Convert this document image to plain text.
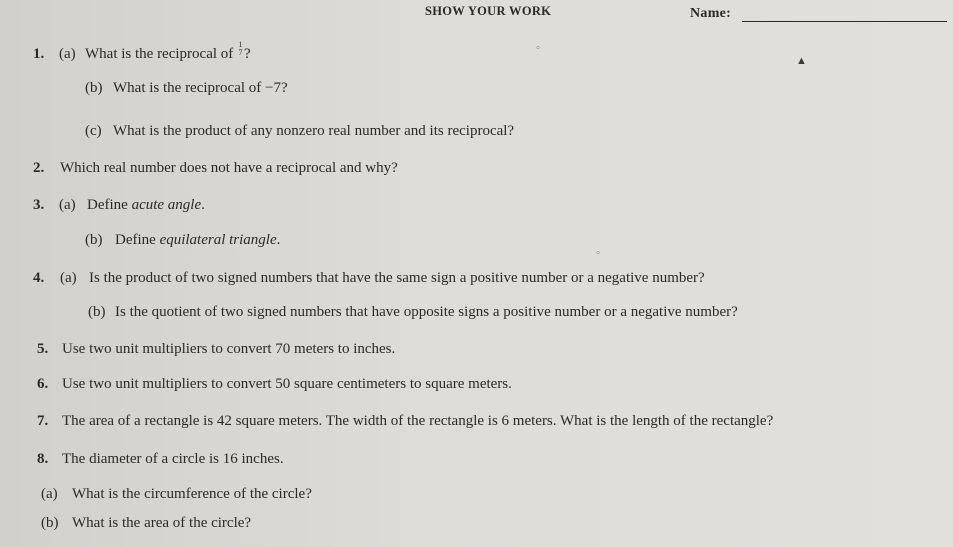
SHOW YOUR WORK	Name:
1. (a) What is the reciprocal of
1
7 ?
(b) What is the reciprocal of −7?
(c) What is the product of any nonzero real number and its reciprocal?
2. Which real number does not have a reciprocal and why?
3. (a) Define acute angle.
(b) Define equilateral triangle.
4. (a) Is the product of two signed numbers that have the same sign a positive number or a negative number?
(b) Is the quotient of two signed numbers that have opposite signs a positive number or a negative number?
5. Use two unit multipliers to convert 70 meters to inches.
6. Use two unit multipliers to convert 50 square centimeters to square meters.
7. The area of a rectangle is 42 square meters. The width of the rectangle is 6 meters. What is the length of the rectangle?
8. The diameter of a circle is 16 inches.
(a) What is the circumference of the circle?
(b) What is the area of the circle?
°
▲
°
